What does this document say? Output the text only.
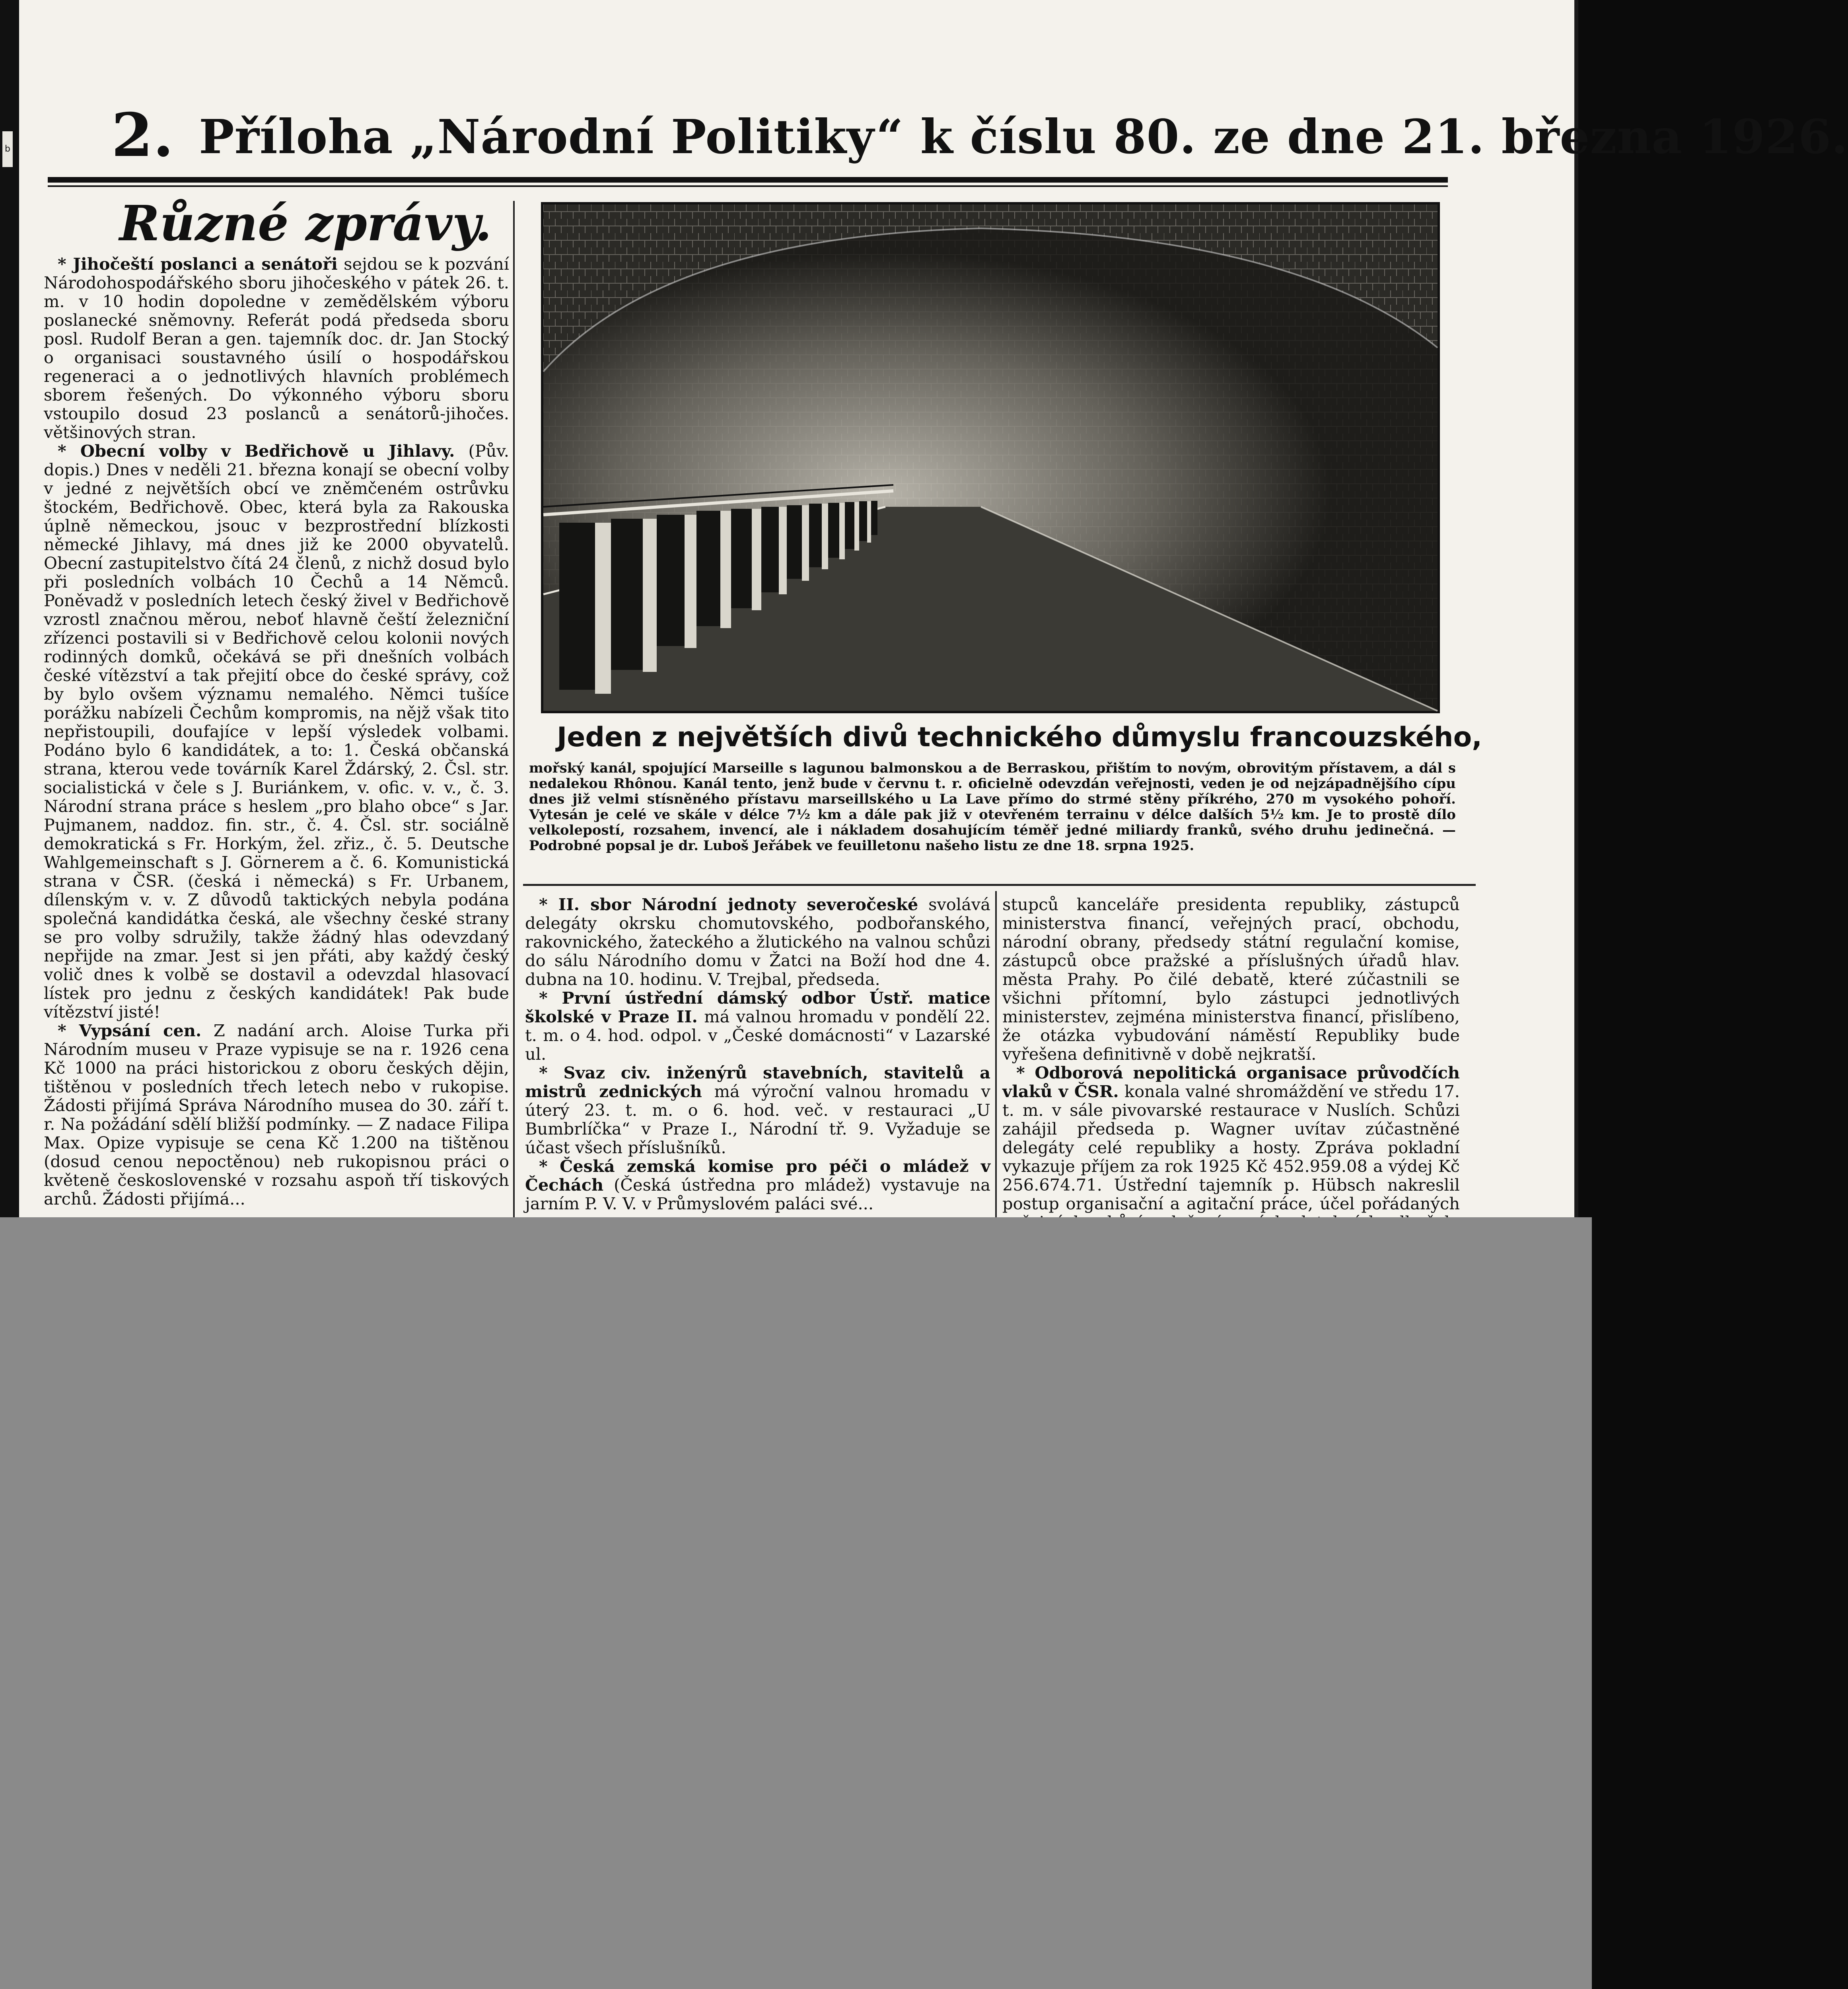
b 2. Příloha „Národní Politiky“ k číslu 80. ze dne 21. března 1926.
Různé zprávy.

* Jihočeští poslanci a senátoři sejdou se k pozvání Národohospodářského sboru jihočeského v pátek 26. t. m. v 10 hodin dopoledne v zemědělském výboru poslanecké sněmovny. Referát podá předseda sboru posl. Rudolf Beran a gen. tajemník doc. dr. Jan Stocký o organisaci soustavného úsilí o hospodářskou regeneraci a o jednotlivých hlavních problémech sborem řešených. Do výkonného výboru sboru vstoupilo dosud 23 poslanců a senátorů-jihočes. většinových stran.

* Obecní volby v Bedřichově u Jihlavy. (Pův. dopis.) Dnes v neděli 21. března konají se obecní volby v jedné z největších obcí ve zněmčeném ostrůvku štockém, Bedřichově. Obec, která byla za Rakouska úplně německou, jsouc v bezprostřední blízkosti německé Jihlavy, má dnes již ke 2000 obyvatelů. Obecní zastupitelstvo čítá 24 členů, z nichž dosud bylo při posledních volbách 10 Čechů a 14 Němců. Poněvadž v posledních letech český živel v Bedřichově vzrostl značnou měrou, neboť hlavně čeští železniční zřízenci postavili si v Bedřichově celou kolonii nových rodinných domků, očekává se při dnešních volbách české vítězství a tak přejití obce do české správy, což by bylo ovšem významu nemalého. Němci tušíce porážku nabízeli Čechům kompromis, na nějž však tito nepřistoupili, doufajíce v lepší výsledek volbami. Podáno bylo 6 kandidátek, a to: 1. Česká občanská strana, kterou vede továrník Karel Ždárský, 2. Čsl. str. socialistická v čele s J. Buriánkem, v. ofic. v. v., č. 3. Národní strana práce s heslem „pro blaho obce“ s Jar. Pujmanem, naddoz. fin. str., č. 4. Čsl. str. sociálně demokratická s Fr. Horkým, žel. zřiz., č. 5. Deutsche Wahlgemeinschaft s J. Görnerem a č. 6. Komunistická strana v ČSR. (česká i německá) s Fr. Urbanem, dílenským v. v. Z důvodů taktických nebyla podána společná kandidátka česká, ale všechny české strany se pro volby sdružily, takže žádný hlas odevzdaný nepřijde na zmar. Jest si jen přáti, aby každý český volič dnes k volbě se dostavil a odevzdal hlasovací lístek pro jednu z českých kandidátek! Pak bude vítězství jisté!

* Vypsání cen. Z nadání arch. Aloise Turka při Národním museu v Praze vypisuje se na r. 1926 cena Kč 1000 na práci historickou z oboru českých dějin, tištěnou v posledních třech letech nebo v rukopise. Žádosti přijímá Správa Národního musea do 30. září t. r. Na požádání sdělí bližší podmínky. — Z nadace Filipa Max. Opize vypisuje se cena Kč 1.200 na tištěnou (dosud cenou nepoctěnou) neb rukopisnou práci o květeně československé v rozsahu aspoň tří tiskových archů. Žádosti přijímá...

Jeden z největších divů technického důmyslu francouzského,
mořský kanál, spojující Marseille s lagunou balmonskou a de Berraskou, přištím to novým, obrovitým přístavem, a dál s nedalekou Rhônou. Kanál tento, jenž bude v červnu t. r. oficielně odevzdán veřejnosti, veden je od nejzápadnějšího cípu dnes již velmi stísněného přístavu marseillského u La Lave přímo do strmé stěny příkrého, 270 m vysokého pohoří. Vytesán je celé ve skále v délce 7½ km a dále pak již v otevřeném terrainu v délce dalších 5½ km. Je to prostě dílo velkolepostí, rozsahem, invencí, ale i nákladem dosahujícím téměř jedné miliardy franků, svého druhu jedinečná. — Podrobné popsal je dr. Luboš Jeřábek ve feuilletonu našeho listu ze dne 18. srpna 1925.

* II. sbor Národní jednoty severočeské svolává delegáty okrsku chomutovského, podbořanského, rakovnického, žateckého a žlutického na valnou schůzi do sálu Národního domu v Žatci na Boží hod dne 4. dubna na 10. hodinu. V. Trejbal, předseda.

* První ústřední dámský odbor Ústř. matice školské v Praze II. má valnou hromadu v pondělí 22. t. m. o 4. hod. odpol. v „České domácnosti“ v Lazarské ul.

* Svaz civ. inženýrů stavebních, stavitelů a mistrů zednických má výroční valnou hromadu v úterý 23. t. m. o 6. hod. več. v restauraci „U Bumbrlíčka“ v Praze I., Národní tř. 9. Vyžaduje se účast všech příslušníků.

* Česká zemská komise pro péči o mládež v Čechách (Česká ústředna pro mládež) vystavuje na jarním P. V. V. v Průmyslovém paláci své...

stupců kanceláře presidenta republiky, zástupců ministerstva financí, veřejných prací, obchodu, národní obrany, předsedy státní regulační komise, zástupců obce pražské a příslušných úřadů hlav. města Prahy. Po čilé debatě, které zúčastnili se všichni přítomní, bylo zástupci jednotlivých ministerstev, zejména ministerstva financí, přislíbeno, že otázka vybudování náměstí Republiky bude vyřešena definitivně v době nejkratší.

* Odborová nepolitická organisace průvodčích vlaků v ČSR. konala valné shromáždění ve středu 17. t. m. v sále pivovarské restaurace v Nuslích. Schůzi zahájil předseda p. Wagner uvítav zúčastněné delegáty celé republiky a hosty. Zpráva pokladní vykazuje příjem za rok 1925 Kč 452.959.08 a výdej Kč 256.674.71. Ústřední tajemník p. Hübsch nakreslil postup organisační a agitační práce, účel pořádaných
